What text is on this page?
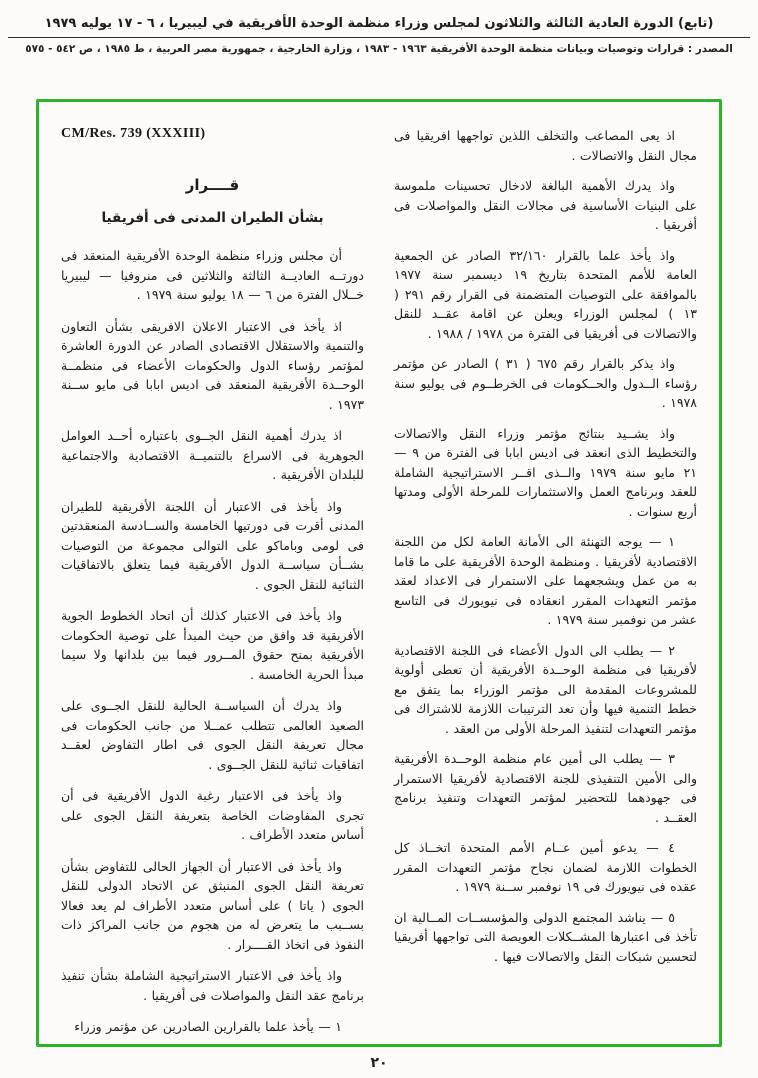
(تابع) الدورة العادية الثالثة والثلاثون لمجلس وزراء منظمة الوحدة الأفريقية في ليبيريا ، ٦ - ١٧ يوليه ١٩٧٩
المصدر : قرارات وتوصيات وبيانات منظمة الوحدة الأفريقية ١٩٦٣ - ١٩٨٣ ، وزارة الخارجية ، جمهورية مصر العربية ، ط ١٩٨٥ ، ص ٥٤٢ - ٥٧٥

اذ يعى المصاعب والتخلف اللذين تواجهها افريقيا فى مجال النقل والاتصالات .

واذ يدرك الأهمية البالغة لادخال تحسينات ملموسة على البنيات الأساسية فى مجالات النقل والمواصلات فى أفريقيا .

واذ يأخذ علما بالقرار ٣٢/١٦٠ الصادر عن الجمعية العامة للأمم المتحدة بتاريخ ١٩ ديسمبر سنة ١٩٧٧ بالموافقة على التوصيات المتضمنة فى القرار رقم ٢٩١ ( ١٣ ) لمجلس الوزراء ويعلن عن اقامة عقــد للنقل والاتصالات فى أفريقيا فى الفترة من ١٩٧٨ / ١٩٨٨ .

واذ يذكر بالقرار رقم ٦٧٥ ( ٣١ ) الصادر عن مؤتمر رؤساء الــدول والحــكومات فى الخرطــوم فى يوليو سنة ١٩٧٨ .

واذ يشــيد بنتائج مؤتمر وزراء النقل والاتصالات والتخطيط الذى انعقد فى اديس ابابا فى الفترة من ٩ — ٢١ مايو سنة ١٩٧٩ والــذى اقــر الاستراتيجية الشاملة للعقد وبرنامج العمل والاستثمارات للمرحلة الأولى ومدتها أربع سنوات .

١ — يوجه التهنئة الى الأمانة العامة لكل من اللجنة الاقتصادية لأفريقيا . ومنظمة الوحدة الأفريقية على ما قاما به من عمل ويشجعهما على الاستمرار فى الاعداد لعقد مؤتمر التعهدات المقرر انعقاده فى نيويورك فى التاسع عشر من نوفمبر سنة ١٩٧٩ .

٢ — يطلب الى الدول الأعضاء فى اللجنة الاقتصادية لأفريقيا فى منظمة الوحــدة الأفريقية أن تعطى أولوية للمشروعات المقدمة الى مؤتمر الوزراء بما يتفق مع خطط التنمية فيها وأن تعد الترتيبات اللازمة للاشتراك فى مؤتمر التعهدات لتنفيذ المرحلة الأولى من العقد .

٣ — يطلب الى أمين عام منظمة الوحــدة الأفريقية والى الأمين التنفيذى للجنة الاقتصادية لأفريقيا الاستمرار فى جهودهما للتحضير لمؤتمر التعهدات وتنفيذ برنامج العقــد .

٤ — يدعو أمين عــام الأمم المتحدة اتخــاذ كل الخطوات اللازمة لضمان نجاح مؤتمر التعهدات المقرر عقده فى نيويورك فى ١٩ نوفمبر ســنة ١٩٧٩ .

٥ — يناشد المجتمع الدولى والمؤسســات المــالية ان تأخذ فى اعتبارها المشــكلات العويصة التى تواجهها أفريقيا لتحسين شبكات النقل والاتصالات فيها .

CM/Res. 739 (XXXIII)
قــــرار
بشأن الطيران المدنى فى أفريقيا

أن مجلس وزراء منظمة الوحدة الأفريقية المنعقد فى دورتــه العاديــة الثالثة والثلاثين فى منروفيا — ليبيريا خــلال الفترة من ٦ — ١٨ يوليو سنة ١٩٧٩ .

اذ يأخذ فى الاعتبار الاعلان الافريقى بشأن التعاون والتنمية والاستقلال الاقتصادى الصادر عن الدورة العاشرة لمؤتمر رؤساء الدول والحكومات الأعضاء فى منظمــة الوحــدة الأفريقية المنعقد فى اديس ابابا فى مايو ســنة ١٩٧٣ .

اذ يدرك أهمية النقل الجــوى باعتباره أحــد العوامل الجوهرية فى الاسراع بالتنميــة الاقتصادية والاجتماعية للبلدان الأفريقية .

واذ يأخذ فى الاعتبار أن اللجنة الأفريقية للطيران المدنى أقرت فى دورتيها الخامسة والســادسة المنعقدتين فى لومى وباماكو على التوالى مجموعة من التوصيات بشــأن سياســة الدول الأفريقية فيما يتعلق بالاتفاقيات الثنائية للنقل الجوى .

واذ يأخذ فى الاعتبار كذلك أن اتحاد الخطوط الجوية الأفريقية قد وافق من حيث المبدأ على توصية الحكومات الأفريقية بمنح حقوق المــرور فيما بين بلدانها ولا سيما مبدأ الحرية الخامسة .

واذ يدرك أن السياســة الحالية للنقل الجــوى على الصعيد العالمى تتطلب عمــلا من جانب الحكومات فى مجال تعريفة النقل الجوى فى اطار التفاوض لعقــد اتفاقيات ثنائية للنقل الجــوى .

واذ يأخذ فى الاعتبار رغبة الدول الأفريقية فى أن تجرى المفاوضات الخاصة بتعريفة النقل الجوى على أساس متعدد الأطراف .

واذ يأخذ فى الاعتبار أن الجهاز الحالى للتفاوض بشأن تعريفة النقل الجوى المنبثق عن الاتحاد الدولى للنقل الجوى ( ياتا ) على أساس متعدد الأطراف لم يعد فعالا بســبب ما يتعرض له من هجوم من جانب المراكز ذات النفوذ فى اتخاذ القــــرار .

واذ يأخذ فى الاعتبار الاستراتيجية الشاملة بشأن تنفيذ برنامج عقد النقل والمواصلات فى أفريقيا .

١ — يأخذ علما بالقرارين الصادرين عن مؤتمر وزراء

٢٠
